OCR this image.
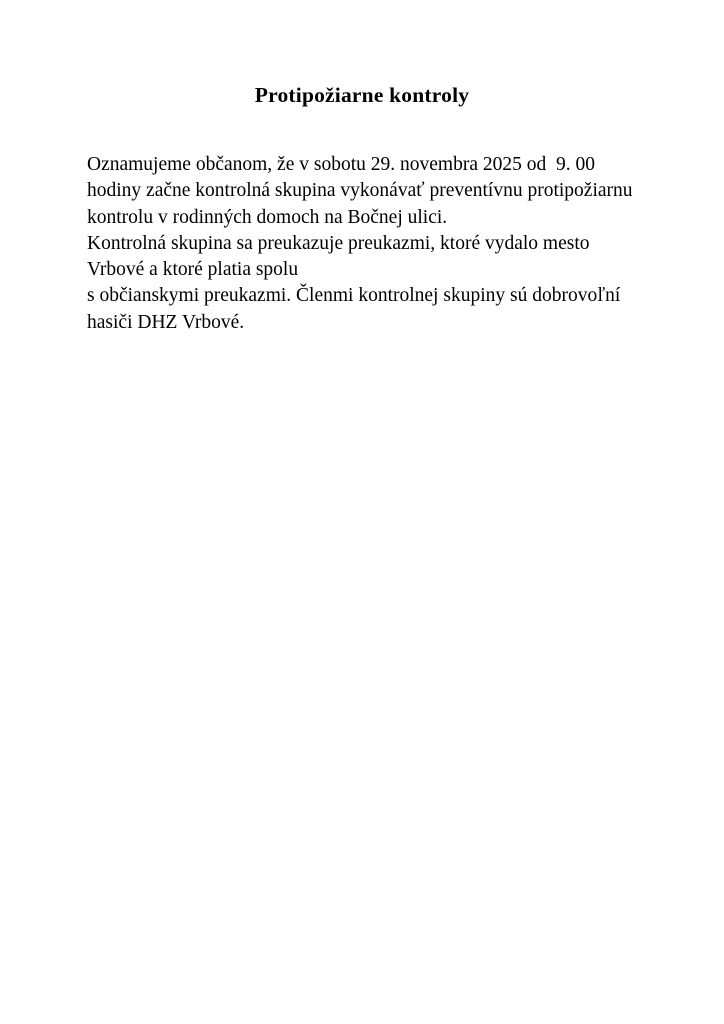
Protipožiarne kontroly
Oznamujeme občanom, že v sobotu 29. novembra 2025 od  9. 00
hodiny začne kontrolná skupina vykonávať preventívnu protipožiarnu
kontrolu v rodinných domoch na Bočnej ulici.
Kontrolná skupina sa preukazuje preukazmi, ktoré vydalo mesto
Vrbové a ktoré platia spolu
s občianskymi preukazmi. Členmi kontrolnej skupiny sú dobrovoľní
hasiči DHZ Vrbové.
